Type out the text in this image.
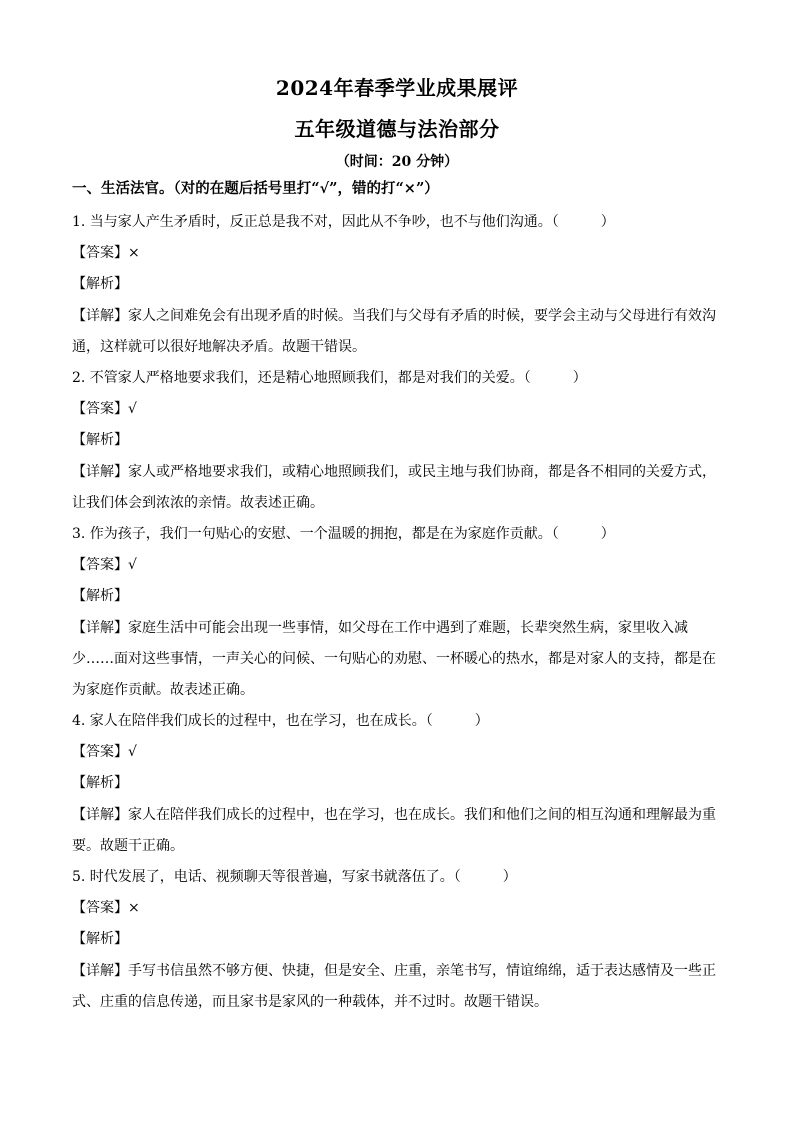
2024年春季学业成果展评
五年级道德与法治部分
（时间：20 分钟）
一、生活法官。（对的在题后括号里打“√”，错的打“×”）
1. 当与家人产生矛盾时，反正总是我不对，因此从不争吵，也不与他们沟通。（　　　）
【答案】×
【解析】
【详解】家人之间难免会有出现矛盾的时候。当我们与父母有矛盾的时候，要学会主动与父母进行有效沟
通，这样就可以很好地解决矛盾。故题干错误。
2. 不管家人严格地要求我们，还是精心地照顾我们，都是对我们的关爱。（　　　）
【答案】√
【解析】
【详解】家人或严格地要求我们，或精心地照顾我们，或民主地与我们协商，都是各不相同的关爱方式，
让我们体会到浓浓的亲情。故表述正确。
3. 作为孩子，我们一句贴心的安慰、一个温暖的拥抱，都是在为家庭作贡献。（　　　）
【答案】√
【解析】
【详解】家庭生活中可能会出现一些事情，如父母在工作中遇到了难题，长辈突然生病，家里收入减
少……面对这些事情，一声关心的问候、一句贴心的劝慰、一杯暖心的热水，都是对家人的支持，都是在
为家庭作贡献。故表述正确。
4. 家人在陪伴我们成长的过程中，也在学习，也在成长。（　　　）
【答案】√
【解析】
【详解】家人在陪伴我们成长的过程中，也在学习，也在成长。我们和他们之间的相互沟通和理解最为重
要。故题干正确。
5. 时代发展了，电话、视频聊天等很普遍，写家书就落伍了。（　　　）
【答案】×
【解析】
【详解】手写书信虽然不够方便、快捷，但是安全、庄重，亲笔书写，情谊绵绵，适于表达感情及一些正
式、庄重的信息传递，而且家书是家风的一种载体，并不过时。故题干错误。
